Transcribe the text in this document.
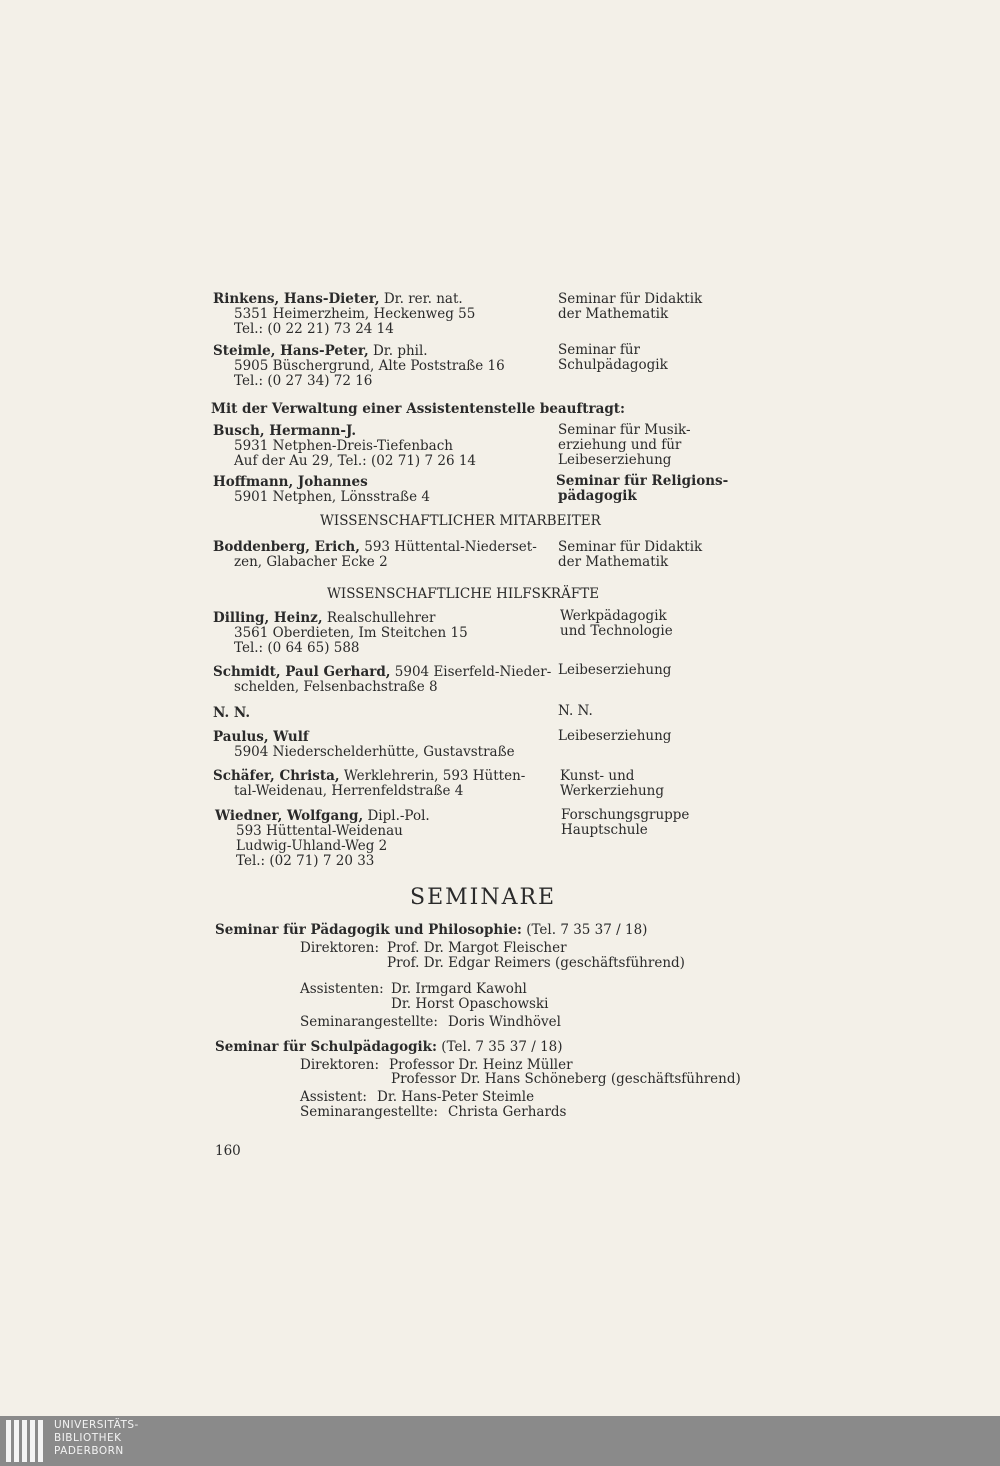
Rinkens, Hans-Dieter, Dr. rer. nat.
5351 Heimerzheim, Heckenweg 55
Tel.: (0 22 21) 73 24 14
Seminar für Didaktik
der Mathematik
Steimle, Hans-Peter, Dr. phil.
5905 Büschergrund, Alte Poststraße 16
Tel.: (0 27 34) 72 16
Seminar für
Schulpädagogik
Mit der Verwaltung einer Assistentenstelle beauftragt:
Busch, Hermann-J.
5931 Netphen-Dreis-Tiefenbach
Auf der Au 29, Tel.: (02 71) 7 26 14
Seminar für Musik-
erziehung und für
Leibeserziehung
Hoffmann, Johannes
5901 Netphen, Lönsstraße 4
Seminar für Religions-
pädagogik
WISSENSCHAFTLICHER MITARBEITER
Boddenberg, Erich, 593 Hüttental-Niederset-
zen, Glabacher Ecke 2
Seminar für Didaktik
der Mathematik
WISSENSCHAFTLICHE HILFSKRÄFTE
Dilling, Heinz, Realschullehrer
3561 Oberdieten, Im Steitchen 15
Tel.: (0 64 65) 588
Werkpädagogik
und Technologie
Schmidt, Paul Gerhard, 5904 Eiserfeld-Nieder-
schelden, Felsenbachstraße 8
Leibeserziehung
N. N.	N. N.
Paulus, Wulf
5904 Niederschelderhütte, Gustavstraße
Leibeserziehung
Schäfer, Christa, Werklehrerin, 593 Hütten-
tal-Weidenau, Herrenfeldstraße 4
Kunst- und
Werkerziehung
Wiedner, Wolfgang, Dipl.-Pol.
593 Hüttental-Weidenau
Ludwig-Uhland-Weg 2
Tel.: (02 71) 7 20 33
Forschungsgruppe
Hauptschule
SEMINARE
Seminar für Pädagogik und Philosophie: (Tel. 7 35 37 / 18)
Direktoren: Prof. Dr. Margot Fleischer
Prof. Dr. Edgar Reimers (geschäftsführend)
Assistenten: Dr. Irmgard Kawohl
Dr. Horst Opaschowski
Seminarangestellte: Doris Windhövel
Seminar für Schulpädagogik: (Tel. 7 35 37 / 18)
Direktoren: Professor Dr. Heinz Müller
Professor Dr. Hans Schöneberg (geschäftsführend)
Assistent: Dr. Hans-Peter Steimle
Seminarangestellte: Christa Gerhards
160
UNIVERSITÄTS-
BIBLIOTHEK
PADERBORN
